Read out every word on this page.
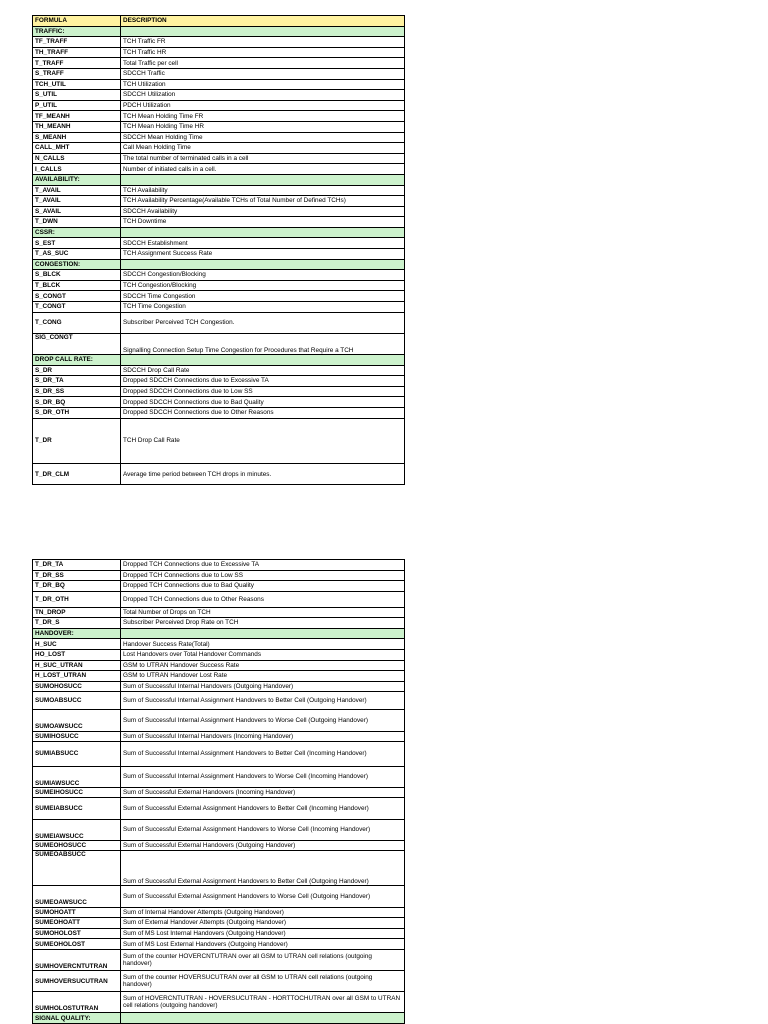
FORMULA	DESCRIPTION
TRAFFIC:	
TF_TRAFF	TCH Traffic FR
TH_TRAFF	TCH Traffic HR
T_TRAFF	Total Traffic per cell
S_TRAFF	SDCCH Traffic
TCH_UTIL	TCH Utilization
S_UTIL	SDCCH Utilization
P_UTIL	PDCH Utilization
TF_MEANH	TCH Mean Holding Time FR
TH_MEANH	TCH Mean Holding Time HR
S_MEANH	SDCCH Mean Holding Time
CALL_MHT	Call Mean Holding Time
N_CALLS	The total number of terminated calls in a cell
I_CALLS	Number of initiated calls in a cell.
AVAILABILITY:	
T_AVAIL	TCH Availability
T_AVAIL	TCH Availability Percentage(Available TCHs of Total Number of Defined TCHs)
S_AVAIL	SDCCH Availability
T_DWN	TCH Downtime
CSSR:	
S_EST	SDCCH Establishment
T_AS_SUC	TCH Assignment Success Rate
CONGESTION:	
S_BLCK	SDCCH Congestion/Blocking
T_BLCK	TCH Congestion/Blocking
S_CONGT	SDCCH Time Congestion
T_CONGT	TCH Time Congestion
T_CONG	Subscriber Perceived TCH Congestion.
SIG_CONGT	Signalling Connection Setup Time Congestion for Procedures that Require a TCH
DROP CALL RATE:	
S_DR	SDCCH Drop Call Rate
S_DR_TA	Dropped SDCCH Connections due to Excessive TA
S_DR_SS	Dropped SDCCH Connections due to Low SS
S_DR_BQ	Dropped SDCCH Connections due to Bad Quality
S_DR_OTH	Dropped SDCCH Connections due to Other Reasons
T_DR	TCH Drop Call Rate
T_DR_CLM	Average time period between TCH drops in minutes.
T_DR_TA	Dropped TCH Connections due to Excessive TA
T_DR_SS	Dropped TCH Connections due to Low SS
T_DR_BQ	Dropped TCH Connections due to Bad Quality
T_DR_OTH	Dropped TCH Connections due to Other Reasons
TN_DROP	Total Number of Drops on TCH
T_DR_S	Subscriber Perceived Drop Rate on TCH
HANDOVER:	
H_SUC	Handover Success Rate(Total)
HO_LOST	Lost Handovers over Total Handover Commands
H_SUC_UTRAN	GSM to UTRAN Handover Success Rate
H_LOST_UTRAN	GSM to UTRAN Handover Lost Rate
SUMOHOSUCC	Sum of Successful Internal Handovers (Outgoing Handover)
SUMOABSUCC	Sum of Successful Internal Assignment Handovers to Better Cell (Outgoing Handover)
SUMOAWSUCC	Sum of Successful Internal Assignment Handovers to Worse Cell (Outgoing Handover)
SUMIHOSUCC	Sum of Successful Internal Handovers (Incoming Handover)
SUMIABSUCC	Sum of Successful Internal Assignment Handovers to Better Cell (Incoming Handover)
SUMIAWSUCC	Sum of Successful Internal Assignment Handovers to Worse Cell (Incoming Handover)
SUMEIHOSUCC	Sum of Successful External Handovers (Incoming Handover)
SUMEIABSUCC	Sum of Successful External Assignment Handovers to Better Cell (Incoming Handover)
SUMEIAWSUCC	Sum of Successful External Assignment Handovers to Worse Cell (Incoming Handover)
SUMEOHOSUCC	Sum of Successful External Handovers (Outgoing Handover)
SUMEOABSUCC	Sum of Successful External Assignment Handovers to Better Cell (Outgoing Handover)
SUMEOAWSUCC	Sum of Successful External Assignment Handovers to Worse Cell (Outgoing Handover)
SUMOHOATT	Sum of Internal Handover Attempts (Outgoing Handover)
SUMEOHOATT	Sum of External Handover Attempts (Outgoing Handover)
SUMOHOLOST	Sum of MS Lost Internal Handovers (Outgoing Handover)
SUMEOHOLOST	Sum of MS Lost External Handovers (Outgoing Handover)
SUMHOVERCNTUTRAN	Sum of the counter HOVERCNTUTRAN over all GSM to UTRAN cell relations (outgoing handover)
SUMHOVERSUCUTRAN	Sum of the counter HOVERSUCUTRAN over all GSM to UTRAN cell relations (outgoing handover)
SUMHOLOSTUTRAN	Sum of HOVERCNTUTRAN - HOVERSUCUTRAN - HORTTOCHUTRAN over all GSM to UTRAN cell relations (outgoing handover)
SIGNAL QUALITY:	
